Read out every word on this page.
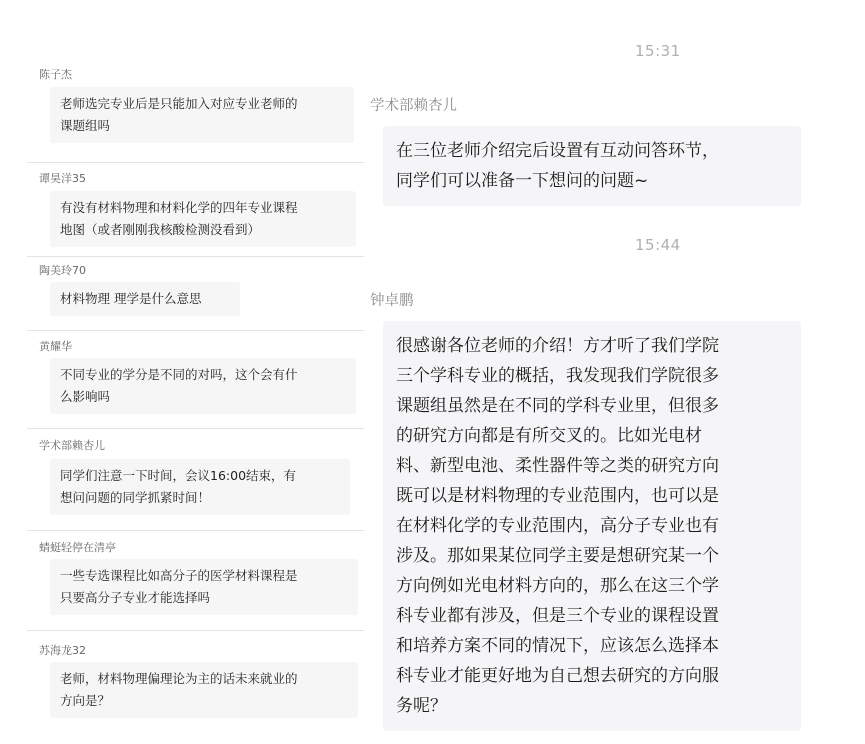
陈子杰
老师选完专业后是只能加入对应专业老师的
课题组吗
谭昊洋35
有没有材料物理和材料化学的四年专业课程
地图（或者刚刚我核酸检测没看到）
陶美玲70
材料物理 理学是什么意思
黄耀华
不同专业的学分是不同的对吗，这个会有什
么影响吗
学术部赖杏儿
同学们注意一下时间，会议16:00结束，有
想问问题的同学抓紧时间！
蜻蜓轻停在清亭
一些专选课程比如高分子的医学材料课程是
只要高分子专业才能选择吗
苏海龙32
老师，材料物理偏理论为主的话未来就业的
方向是？
15:31
学术部赖杏儿
在三位老师介绍完后设置有互动问答环节，
同学们可以准备一下想问的问题~
15:44
钟卓鹏
很感谢各位老师的介绍！方才听了我们学院
三个学科专业的概括，我发现我们学院很多
课题组虽然是在不同的学科专业里，但很多
的研究方向都是有所交叉的。比如光电材
料、新型电池、柔性器件等之类的研究方向
既可以是材料物理的专业范围内，也可以是
在材料化学的专业范围内，高分子专业也有
涉及。那如果某位同学主要是想研究某一个
方向例如光电材料方向的，那么在这三个学
科专业都有涉及，但是三个专业的课程设置
和培养方案不同的情况下，应该怎么选择本
科专业才能更好地为自己想去研究的方向服
务呢？
